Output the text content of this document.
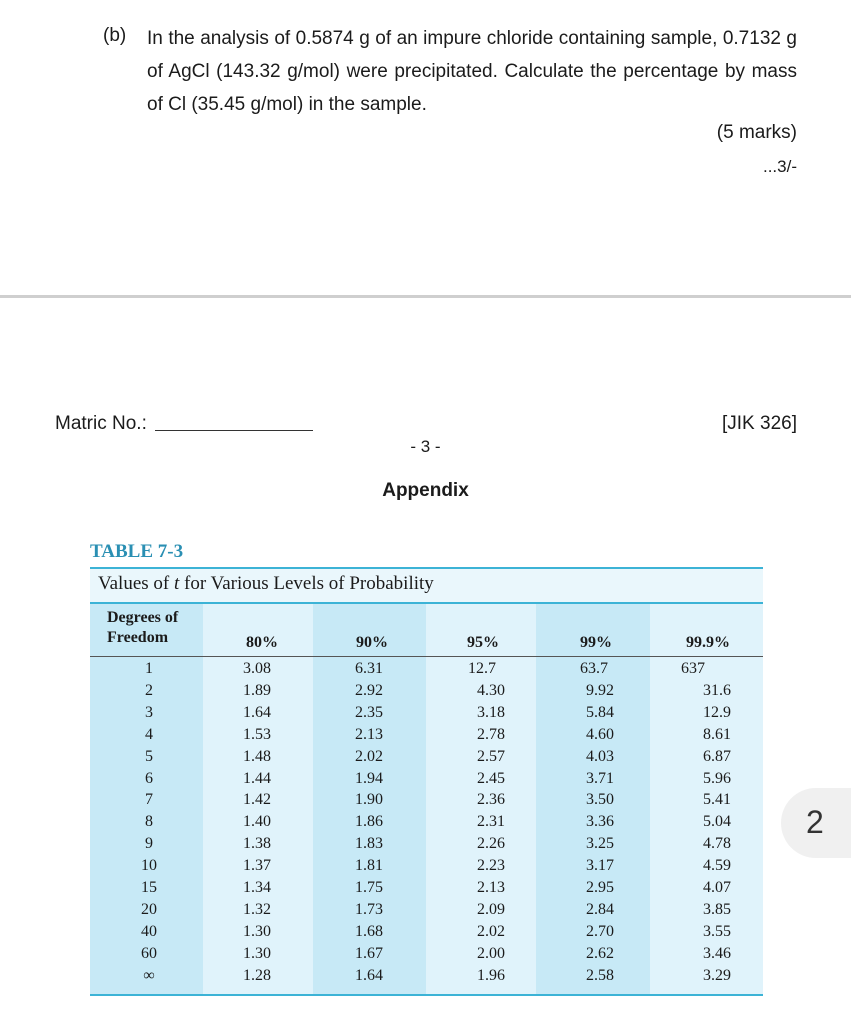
(b) In the analysis of 0.5874 g of an impure chloride containing sample, 0.7132 g of AgCl (143.32 g/mol) were precipitated. Calculate the percentage by mass of Cl (35.45 g/mol) in the sample.

(5 marks)
...3/-
Matric No.:	[JIK 326]
- 3 -
Appendix
TABLE 7-3
Values of t for Various Levels of Probability
Degrees of
Freedom	80%	90%	95%	99%	99.9%
1	3.08	6.31	12.7	63.7	637
2	1.89	2.92	4.30	9.92	31.6
3	1.64	2.35	3.18	5.84	12.9
4	1.53	2.13	2.78	4.60	8.61
5	1.48	2.02	2.57	4.03	6.87
6	1.44	1.94	2.45	3.71	5.96
7	1.42	1.90	2.36	3.50	5.41
8	1.40	1.86	2.31	3.36	5.04
9	1.38	1.83	2.26	3.25	4.78
10	1.37	1.81	2.23	3.17	4.59
15	1.34	1.75	2.13	2.95	4.07
20	1.32	1.73	2.09	2.84	3.85
40	1.30	1.68	2.02	2.70	3.55
60	1.30	1.67	2.00	2.62	3.46
∞	1.28	1.64	1.96	2.58	3.29
2
